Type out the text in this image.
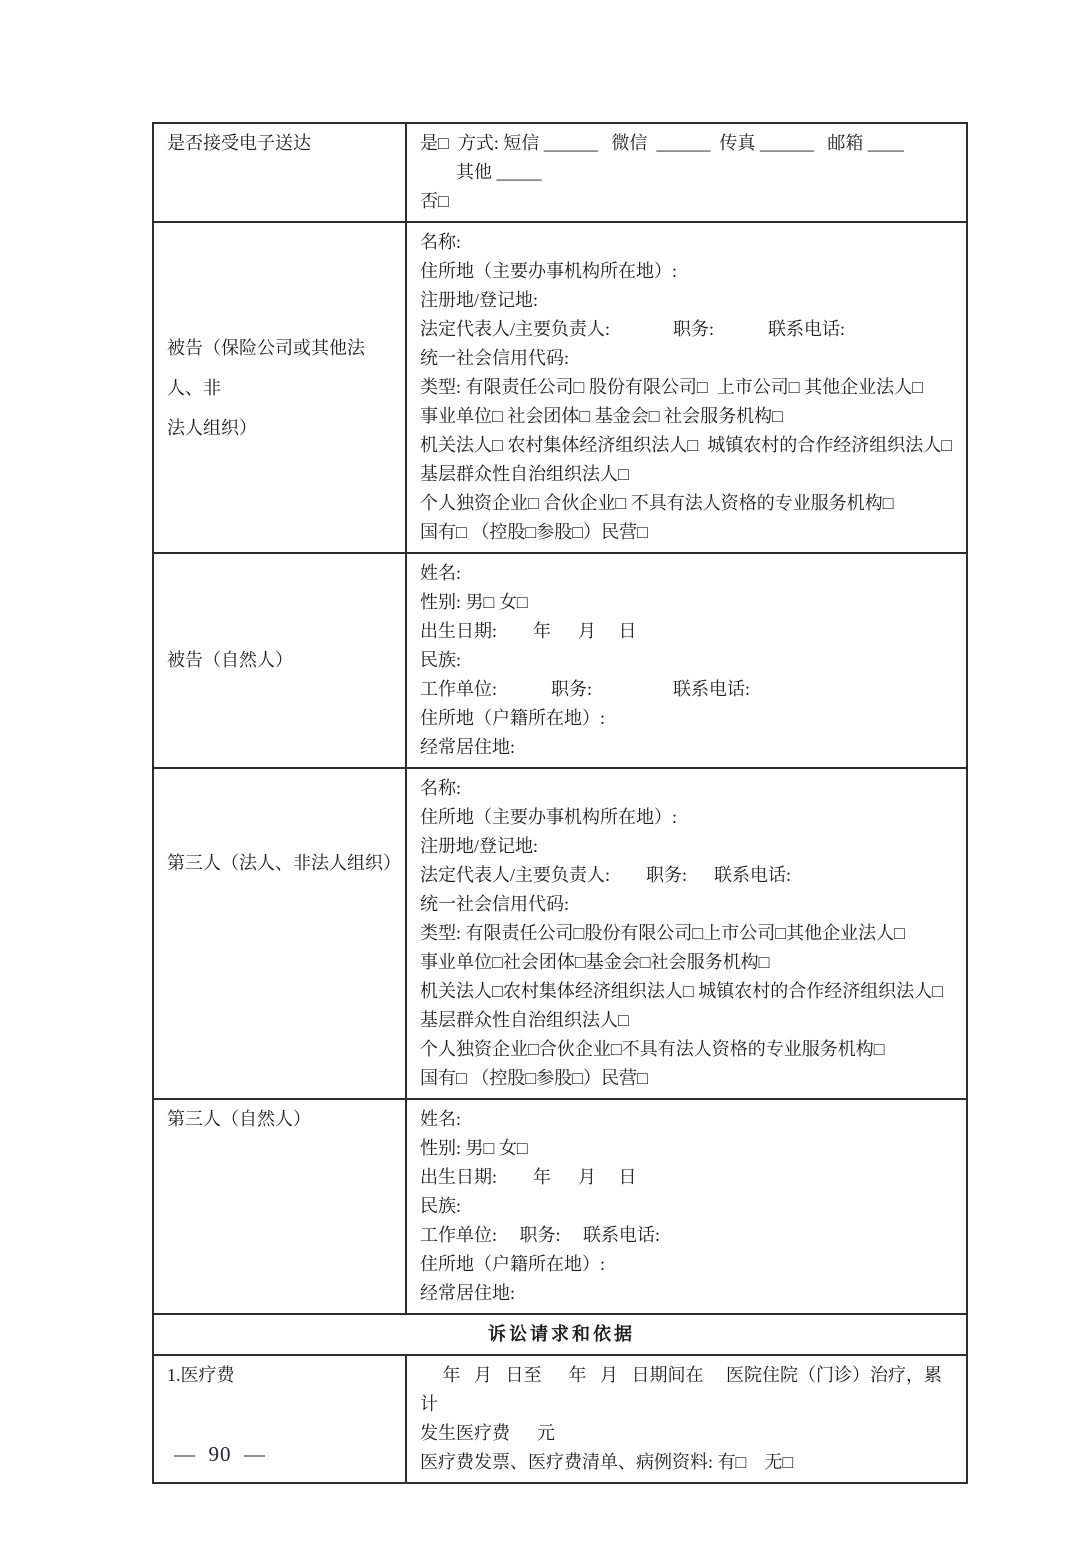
是否接受电子送达	是□  方式: 短信 ______   微信  ______  传真 ______   邮箱 ____
其他 _____
否□

被告（保险公司或其他法人、非
法人组织）

名称:
住所地（主要办事机构所在地）:
注册地/登记地:
法定代表人/主要负责人:              职务:            联系电话:
统一社会信用代码:
类型: 有限责任公司□ 股份有限公司□  上市公司□ 其他企业法人□
事业单位□ 社会团体□ 基金会□ 社会服务机构□
机关法人□ 农村集体经济组织法人□  城镇农村的合作经济组织法人□ 基层群众性自治组织法人□
个人独资企业□ 合伙企业□ 不具有法人资格的专业服务机构□
国有□ （控股□参股□）民营□

被告（自然人）

姓名:
性别: 男□ 女□
出生日期:        年      月     日
民族:
工作单位:            职务:                  联系电话:
住所地（户籍所在地）:
经常居住地:

第三人（法人、非法人组织）

名称:
住所地（主要办事机构所在地）:
注册地/登记地:
法定代表人/主要负责人:        职务:      联系电话:
统一社会信用代码:
类型: 有限责任公司□股份有限公司□上市公司□其他企业法人□
事业单位□社会团体□基金会□社会服务机构□
机关法人□农村集体经济组织法人□ 城镇农村的合作经济组织法人□基层群众性自治组织法人□
个人独资企业□合伙企业□不具有法人资格的专业服务机构□
国有□ （控股□参股□）民营□

第三人（自然人）	姓名:
性别: 男□ 女□
出生日期:        年      月     日
民族:
工作单位:     职务:     联系电话:
住所地（户籍所在地）:
经常居住地:

诉讼请求和依据	

1.医疗费	年   月   日至      年   月   日期间在     医院住院（门诊）治疗，累计
发生医疗费      元
医疗费发票、医疗费清单、病例资料: 有□    无□
—  90  —
